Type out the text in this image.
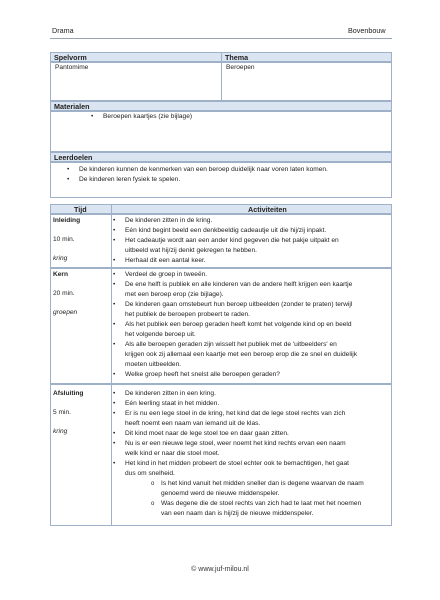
Drama	Bovenbouw
Spelvorm	Thema
Pantomime	Beroepen
Materialen
• Beroepen kaartjes (zie bijlage)
Leerdoelen
• De kinderen kunnen de kenmerken van een beroep duidelijk naar voren laten komen.
• De kinderen leren fysiek te spelen.
Tijd	Activiteiten
Inleiding
10 min.
kring
• De kinderen zitten in de kring.
• Eén kind begint beeld een denkbeeldig cadeautje uit die hij/zij inpakt.
• Het cadeautje wordt aan een ander kind gegeven die het pakje uitpakt en
uitbeeld wat hij/zij denkt gekregen te hebben.
• Herhaal dit een aantal keer.
Kern
20 min.
groepen
• Verdeel de groep in tweeën.
• De ene helft is publiek en alle kinderen van de andere helft krijgen een kaartje
met een beroep erop (zie bijlage).
• De kinderen gaan omstebeurt hun beroep uitbeelden (zonder te praten) terwijl
het publiek de beroepen probeert te raden.
• Als het publiek een beroep geraden heeft komt het volgende kind op en beeld
het volgende beroep uit.
• Als alle beroepen geraden zijn wisselt het publiek met de 'uitbeelders' en
krijgen ook zij allemaal een kaartje met een beroep erop die ze snel en duidelijk
moeten uitbeelden.
• Welke groep heeft het snelst alle beroepen geraden?
Afsluiting
5 min.
kring
• De kinderen zitten in een kring.
• Eén leerling staat in het midden.
• Er is nu een lege stoel in de kring, het kind dat de lege stoel rechts van zich
heeft noemt een naam van iemand uit de klas.
• Dit kind moet naar de lege stoel toe en daar gaan zitten.
• Nu is er een nieuwe lege stoel, weer noemt het kind rechts ervan een naam
welk kind er naar die stoel moet.
• Het kind in het midden probeert de stoel echter ook te bemachtigen, het gaat
dus om snelheid.
o Is het kind vanuit het midden sneller dan is degene waarvan de naam
genoemd werd de nieuwe middenspeler.
o Was degene die de stoel rechts van zich had te laat met het noemen
van een naam dan is hij/zij de nieuwe middenspeler.
© www.juf-milou.nl
